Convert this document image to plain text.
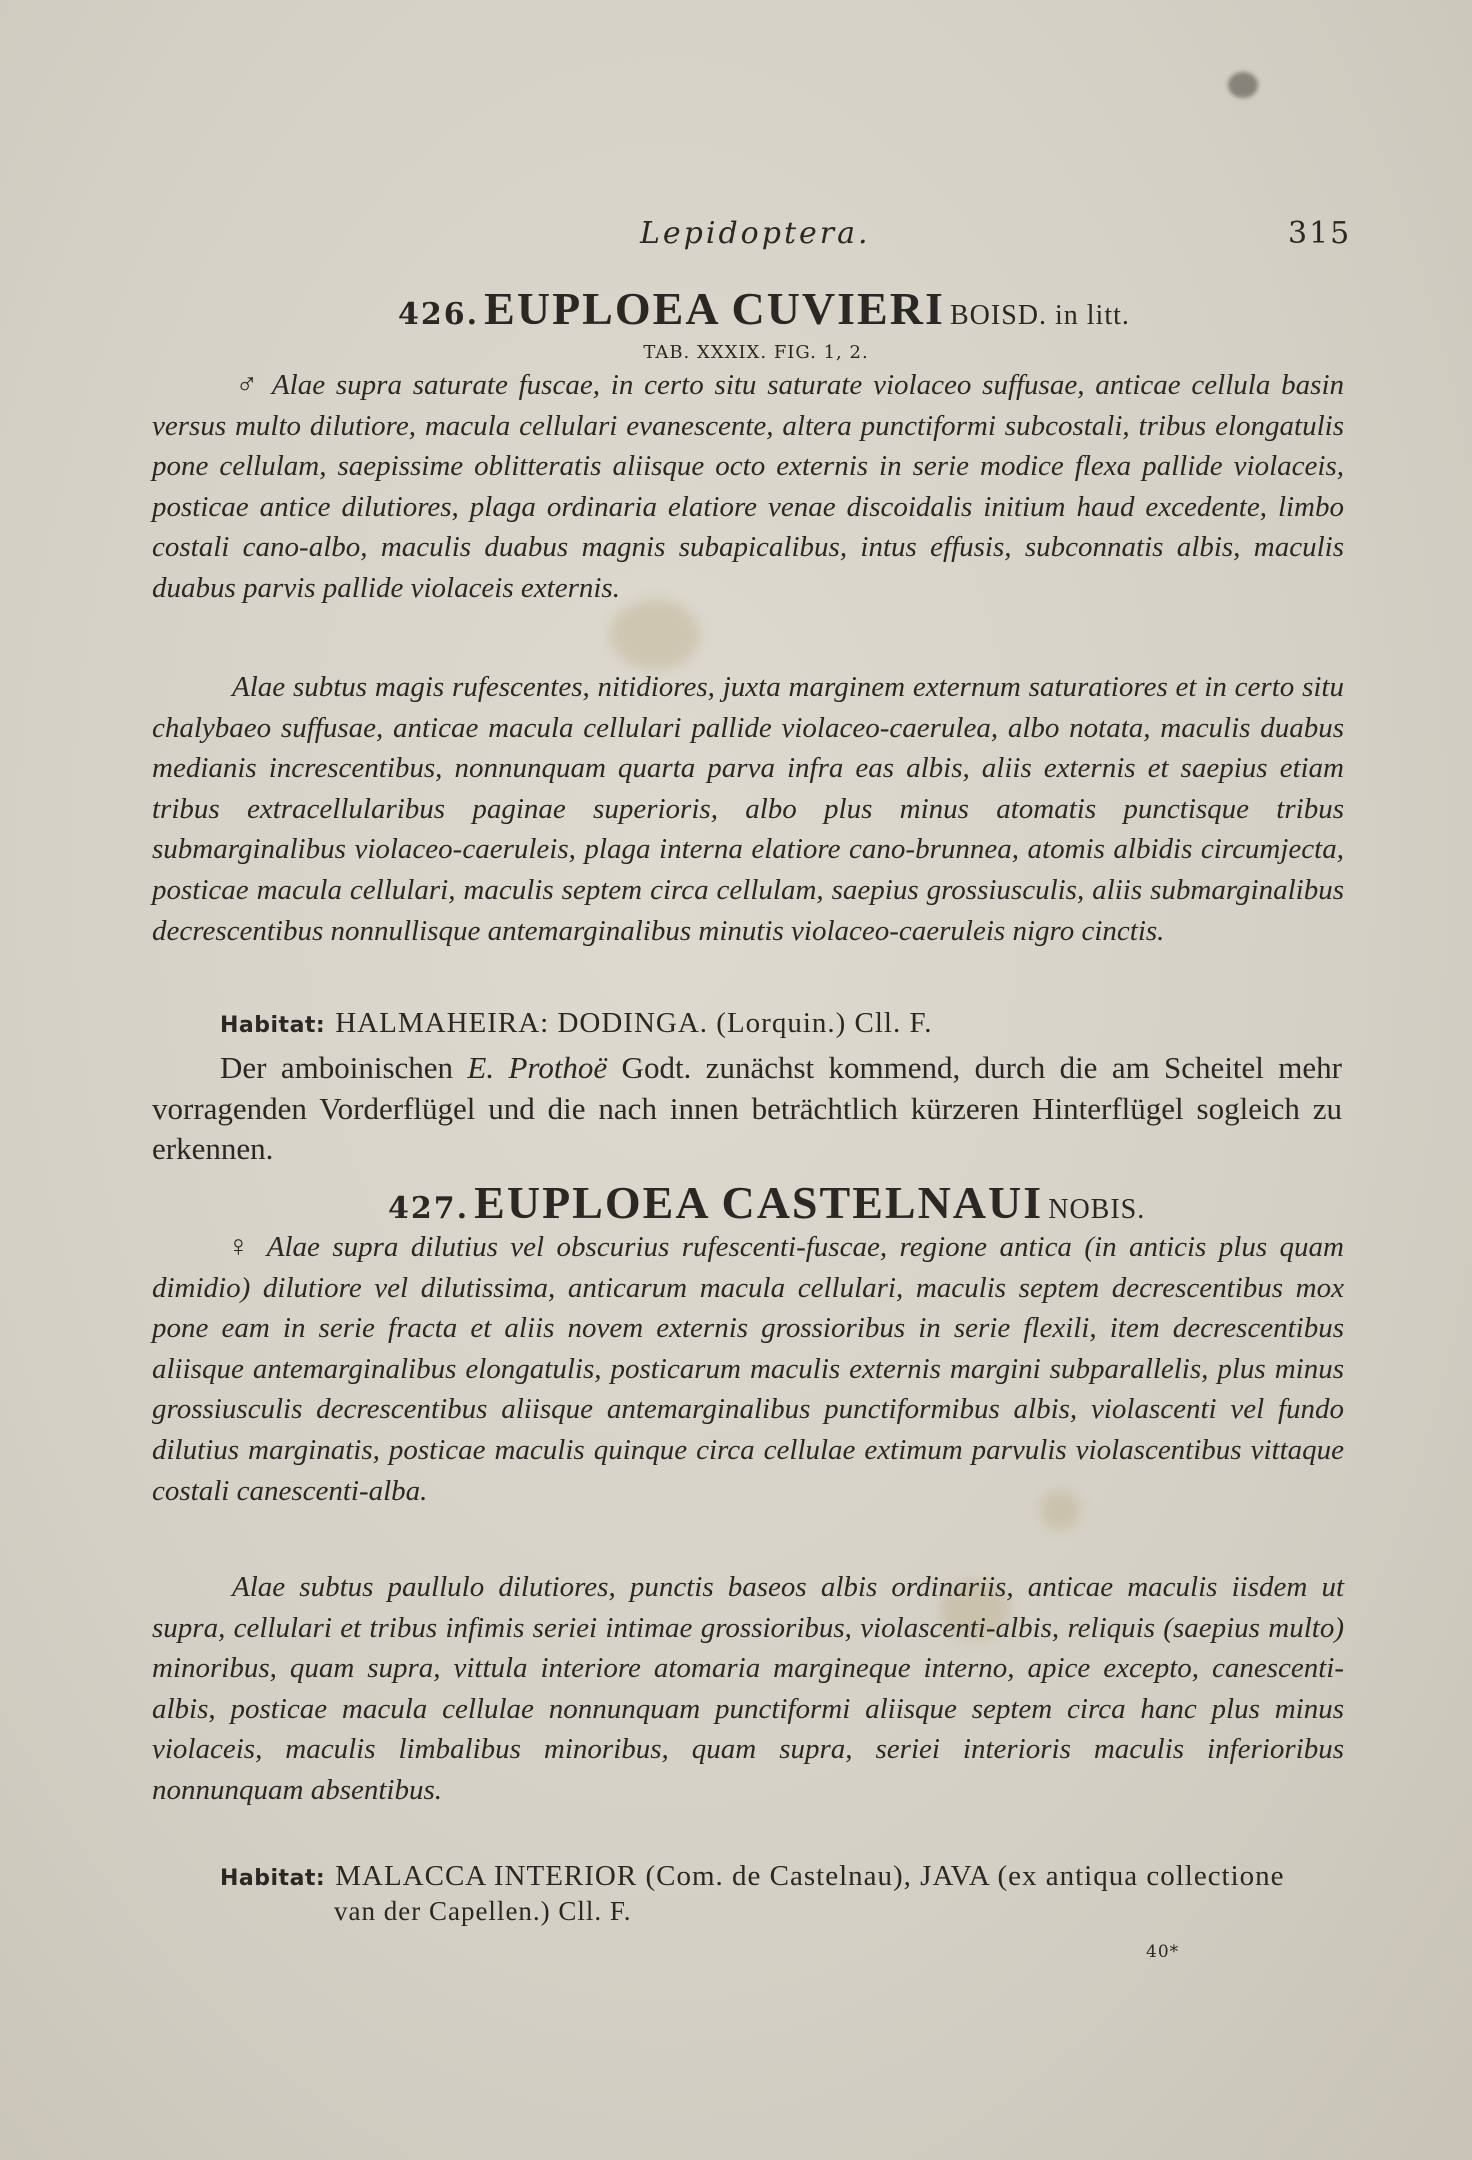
Lepidoptera.	315
426. EUPLOEA CUVIERI BOISD. in litt.
TAB. XXXIX. FIG. 1, 2.
♂ Alae supra saturate fuscae, in certo situ saturate violaceo suffusae, anticae cellula basin versus multo dilutiore, macula cellulari evanescente, altera punctiformi subcostali, tribus elongatulis pone cellulam, saepissime oblitteratis aliisque octo externis in serie modice flexa pallide violaceis, posticae antice dilutiores, plaga ordinaria elatiore venae discoidalis initium haud excedente, limbo costali cano-albo, maculis duabus magnis subapicalibus, intus effusis, subconnatis albis, maculis duabus parvis pallide violaceis externis.
Alae subtus magis rufescentes, nitidiores, juxta marginem externum saturatiores et in certo situ chalybaeo suffusae, anticae macula cellulari pallide violaceo-caerulea, albo notata, maculis duabus medianis increscentibus, nonnunquam quarta parva infra eas albis, aliis externis et saepius etiam tribus extracellularibus paginae superioris, albo plus minus atomatis punctisque tribus submarginalibus violaceo-caeruleis, plaga interna elatiore cano-brunnea, atomis albidis circumjecta, posticae macula cellulari, maculis septem circa cellulam, saepius grossiusculis, aliis submarginalibus decrescentibus nonnullisque antemarginalibus minutis violaceo-caeruleis nigro cinctis.
Habitat: HALMAHEIRA: DODINGA. (Lorquin.) Cll. F.
Der amboinischen E. Prothoë Godt. zunächst kommend, durch die am Scheitel mehr vorragenden Vorderflügel und die nach innen beträchtlich kürzeren Hinterflügel sogleich zu erkennen.
427. EUPLOEA CASTELNAUI NOBIS.
♀ Alae supra dilutius vel obscurius rufescenti-fuscae, regione antica (in anticis plus quam dimidio) dilutiore vel dilutissima, anticarum macula cellulari, maculis septem decrescentibus mox pone eam in serie fracta et aliis novem externis grossioribus in serie flexili, item decrescentibus aliisque antemarginalibus elongatulis, posticarum maculis externis margini subparallelis, plus minus grossiusculis decrescentibus aliisque antemarginalibus punctiformibus albis, violascenti vel fundo dilutius marginatis, posticae maculis quinque circa cellulae extimum parvulis violascentibus vittaque costali canescenti-alba.
Alae subtus paullulo dilutiores, punctis baseos albis ordinariis, anticae maculis iisdem ut supra, cellulari et tribus infimis seriei intimae grossioribus, violascenti-albis, reliquis (saepius multo) minoribus, quam supra, vittula interiore atomaria margineque interno, apice excepto, canescenti-albis, posticae macula cellulae nonnunquam punctiformi aliisque septem circa hanc plus minus violaceis, maculis limbalibus minoribus, quam supra, seriei interioris maculis inferioribus nonnunquam absentibus.
Habitat: MALACCA INTERIOR (Com. de Castelnau), JAVA (ex antiqua collectione
van der Capellen.) Cll. F.
40*
